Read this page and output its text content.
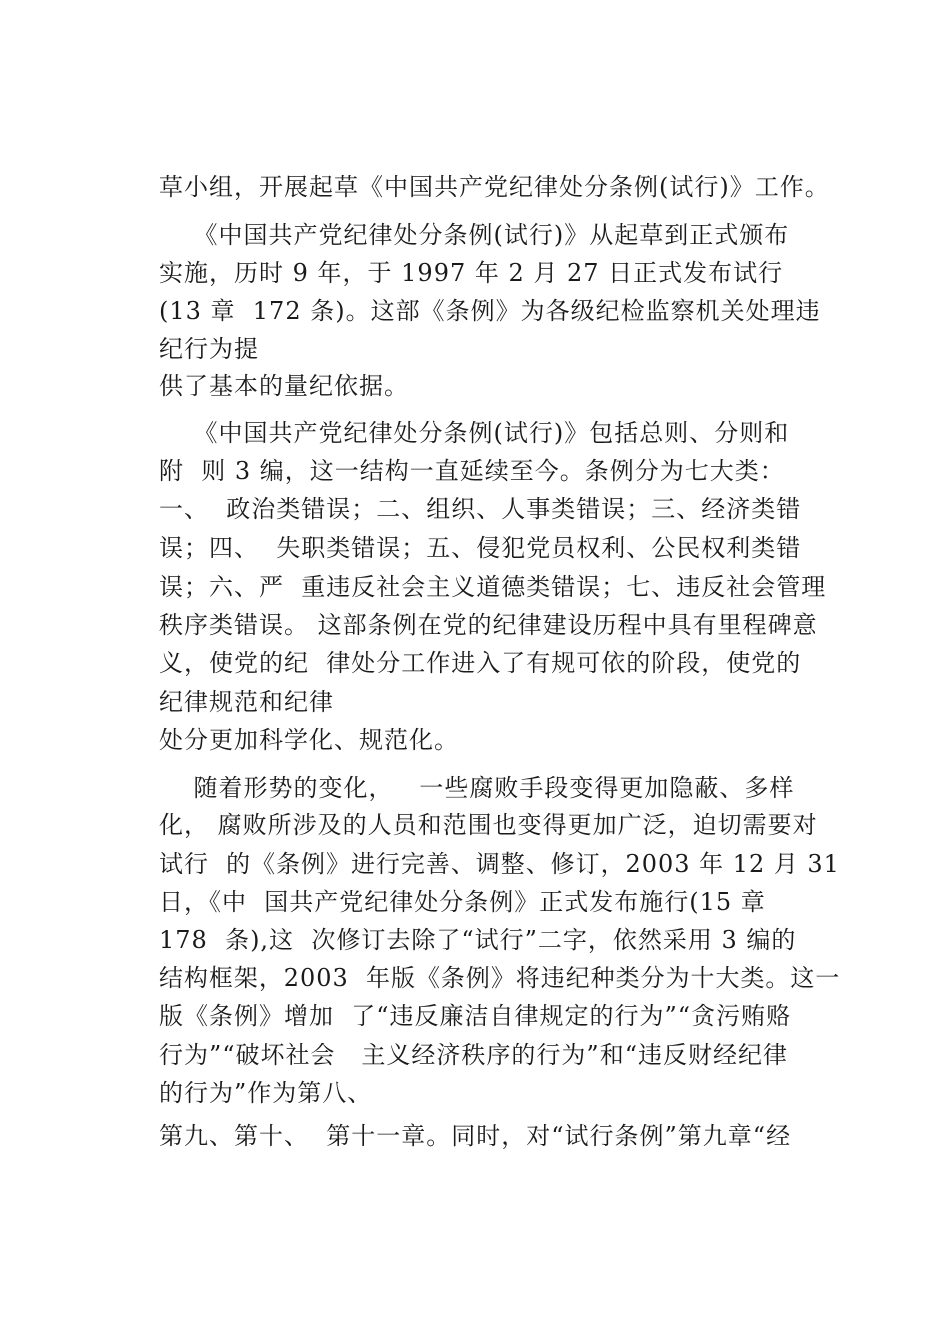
草小组，开展起草《中国共产党纪律处分条例(试行)》工作。
《中国共产党纪律处分条例(试行)》从起草到正式颁布
实施，历时 9 年，于 1997 年 2 月 27 日正式发布试行
(13 章  172 条)。这部《条例》为各级纪检监察机关处理违
纪行为提
供了基本的量纪依据。
《中国共产党纪律处分条例(试行)》包括总则、分则和
附  则 3 编，这一结构一直延续至今。条例分为七大类：
一、  政治类错误；二、组织、人事类错误；三、经济类错
误；四、  失职类错误；五、侵犯党员权利、公民权利类错
误；六、严  重违反社会主义道德类错误；七、违反社会管理
秩序类错误。 这部条例在党的纪律建设历程中具有里程碑意
义，使党的纪  律处分工作进入了有规可依的阶段，使党的
纪律规范和纪律
处分更加科学化、规范化。
随着形势的变化，   一些腐败手段变得更加隐蔽、多样
化， 腐败所涉及的人员和范围也变得更加广泛，迫切需要对
试行  的《条例》进行完善、调整、修订，2003 年 12 月 31
日，《中  国共产党纪律处分条例》正式发布施行(15 章
178  条),这  次修订去除了“试行”二字，依然采用 3 编的
结构框架，2003  年版《条例》将违纪种类分为十大类。这一
版《条例》增加  了“违反廉洁自律规定的行为”“贪污贿赂
行为”“破坏社会   主义经济秩序的行为”和“违反财经纪律
的行为”作为第八、
第九、第十、  第十一章。同时，对“试行条例”第九章“经
